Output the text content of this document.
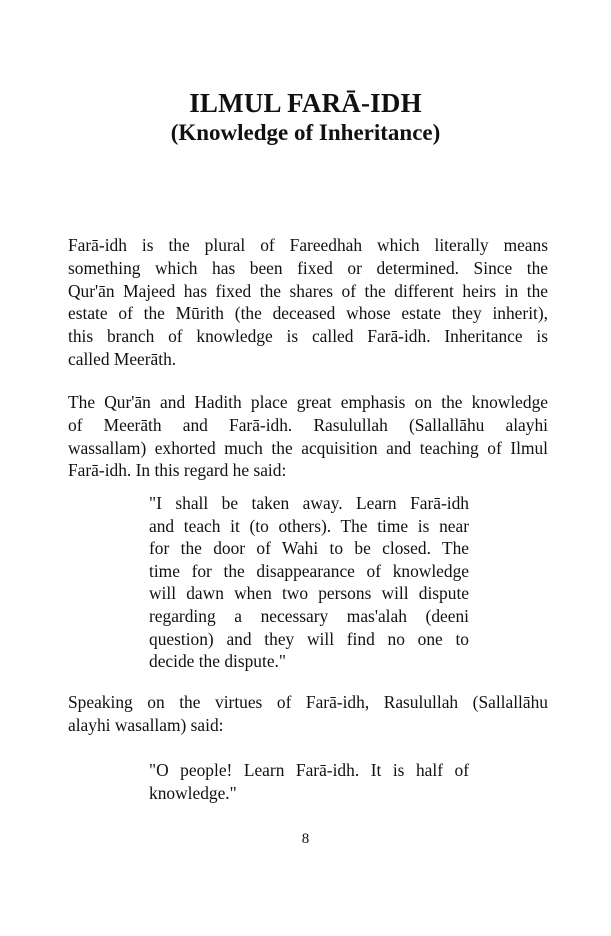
ILMUL FARĀ-IDH
(Knowledge of Inheritance)

Farā-idh is the plural of Fareedhah which literally means
something which has been fixed or determined. Since the
Qur'ān Majeed has fixed the shares of the different heirs in the
estate of the Mūrith (the deceased whose estate they inherit),
this branch of knowledge is called Farā-idh. Inheritance is
called Meerāth.

The Qur'ān and Hadith place great emphasis on the knowledge
of Meerāth and Farā-idh. Rasulullah (Sallallāhu alayhi
wassallam) exhorted much the acquisition and teaching of Ilmul
Farā-idh. In this regard he said:

"I shall be taken away. Learn Farā-idh
and teach it (to others). The time is near
for the door of Wahi to be closed. The
time for the disappearance of knowledge
will dawn when two persons will dispute
regarding a necessary mas'alah (deeni
question) and they will find no one to
decide the dispute."

Speaking on the virtues of Farā-idh, Rasulullah (Sallallāhu
alayhi wasallam) said:

"O people! Learn Farā-idh. It is half of
knowledge."

8
